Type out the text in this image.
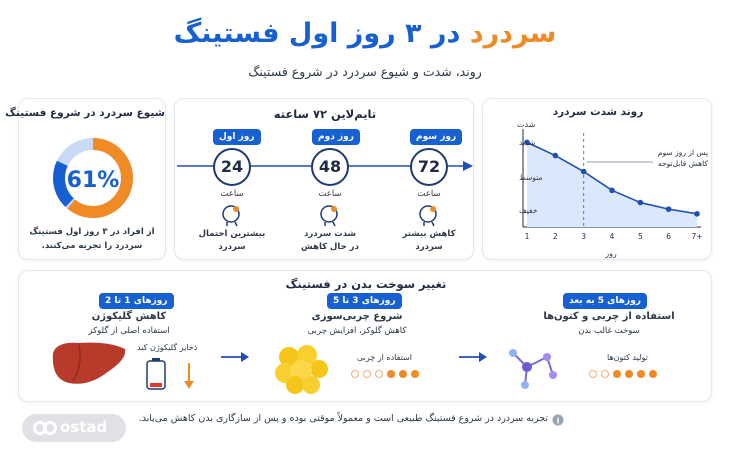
سردرد در ۳ روز اول فستینگ
روند، شدت و شیوع سردرد در شروع فستینگ
شیوع سردرد در شروع فستینگ
61%
از افراد در ۳ روز اول فستینگ
سردرد را تجربه می‌کنند.
تایم‌لاین ۷۲ ساعته
روز اول
24
ساعت
بیشترین احتمال
سردرد
روز دوم
48
ساعت
شدت سردرد
در حال کاهش
روز سوم
72
ساعت
کاهش بیشتر
سردرد
روند شدت سردرد
شدت
روز
پس از روز سوم
کاهش قابل‌توجه
1	2	3	4	5	6	7+
شدید
متوسط
خفیف
تغییر سوخت بدن در فستینگ
روزهای 1 تا 2
کاهش گلیکوژن
استفاده اصلی از گلوکز
ذخایر گلیکوژن کبد
روزهای 3 تا 5
شروع چربی‌سوزی
کاهش گلوکز، افزایش چربی
استفاده از چربی
روزهای 5 به بعد
استفاده از چربی و کتون‌ها
سوخت غالب بدن
تولید کتون‌ها
i
تجربه سردرد در شروع فستینگ طبیعی است و معمولاً موقتی بوده و پس از سازگاری بدن کاهش می‌یابد.
ostad
